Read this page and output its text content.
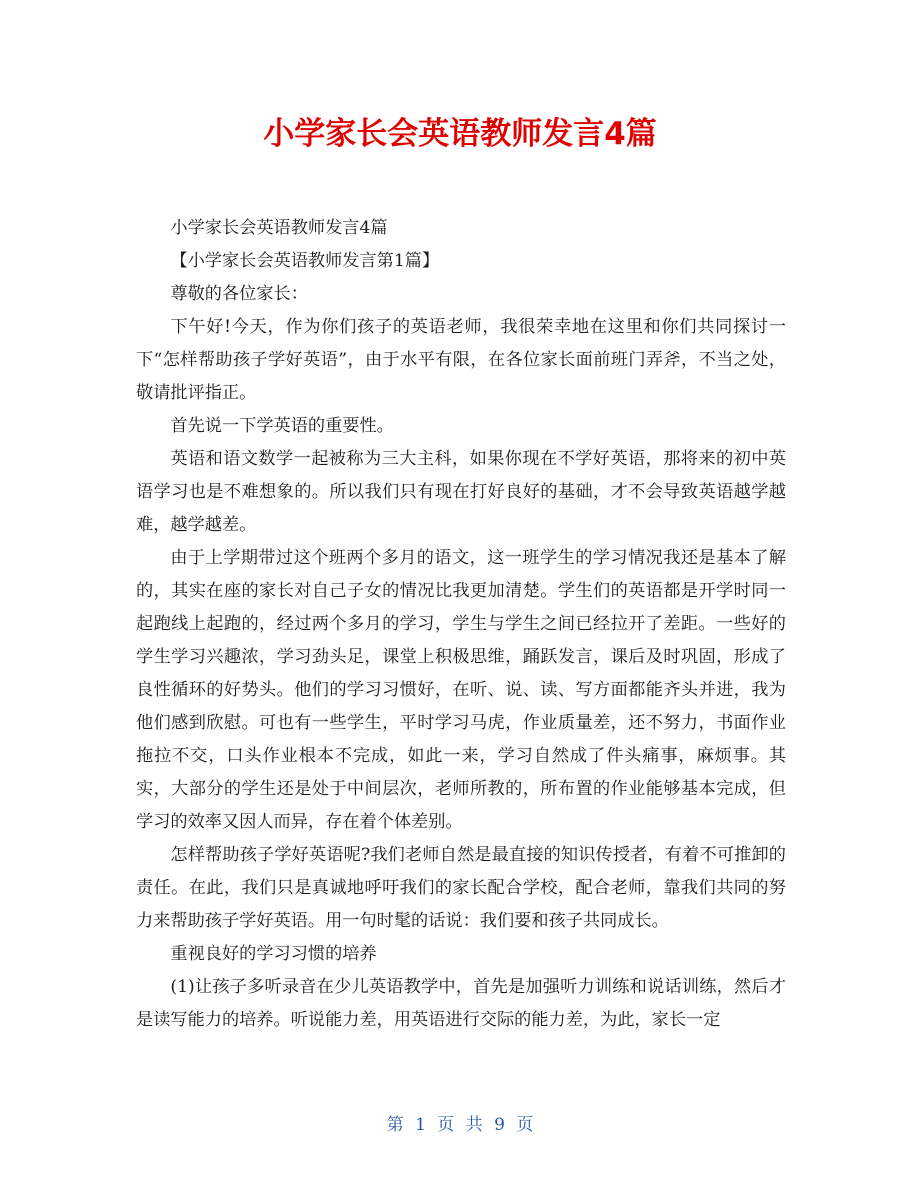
小学家长会英语教师发言4篇

小学家长会英语教师发言4篇

【小学家长会英语教师发言第1篇】

尊敬的各位家长：

下午好!今天，作为你们孩子的英语老师，我很荣幸地在这里和你们共同探讨一下“怎样帮助孩子学好英语”，由于水平有限，在各位家长面前班门弄斧，不当之处，敬请批评指正。

首先说一下学英语的重要性。

英语和语文数学一起被称为三大主科，如果你现在不学好英语，那将来的初中英语学习也是不难想象的。所以我们只有现在打好良好的基础，才不会导致英语越学越难，越学越差。

由于上学期带过这个班两个多月的语文，这一班学生的学习情况我还是基本了解的，其实在座的家长对自己子女的情况比我更加清楚。学生们的英语都是开学时同一起跑线上起跑的，经过两个多月的学习，学生与学生之间已经拉开了差距。一些好的学生学习兴趣浓，学习劲头足，课堂上积极思维，踊跃发言，课后及时巩固，形成了良性循环的好势头。他们的学习习惯好，在听、说、读、写方面都能齐头并进，我为他们感到欣慰。可也有一些学生，平时学习马虎，作业质量差，还不努力，书面作业拖拉不交，口头作业根本不完成，如此一来，学习自然成了件头痛事，麻烦事。其实，大部分的学生还是处于中间层次，老师所教的，所布置的作业能够基本完成，但学习的效率又因人而异，存在着个体差别。

怎样帮助孩子学好英语呢?我们老师自然是最直接的知识传授者，有着不可推卸的责任。在此，我们只是真诚地呼吁我们的家长配合学校，配合老师，靠我们共同的努力来帮助孩子学好英语。用一句时髦的话说：我们要和孩子共同成长。

重视良好的学习习惯的培养

(1)让孩子多听录音在少儿英语教学中，首先是加强听力训练和说话训练，然后才是读写能力的培养。听说能力差，用英语进行交际的能力差，为此，家长一定

第 1 页 共 9 页
